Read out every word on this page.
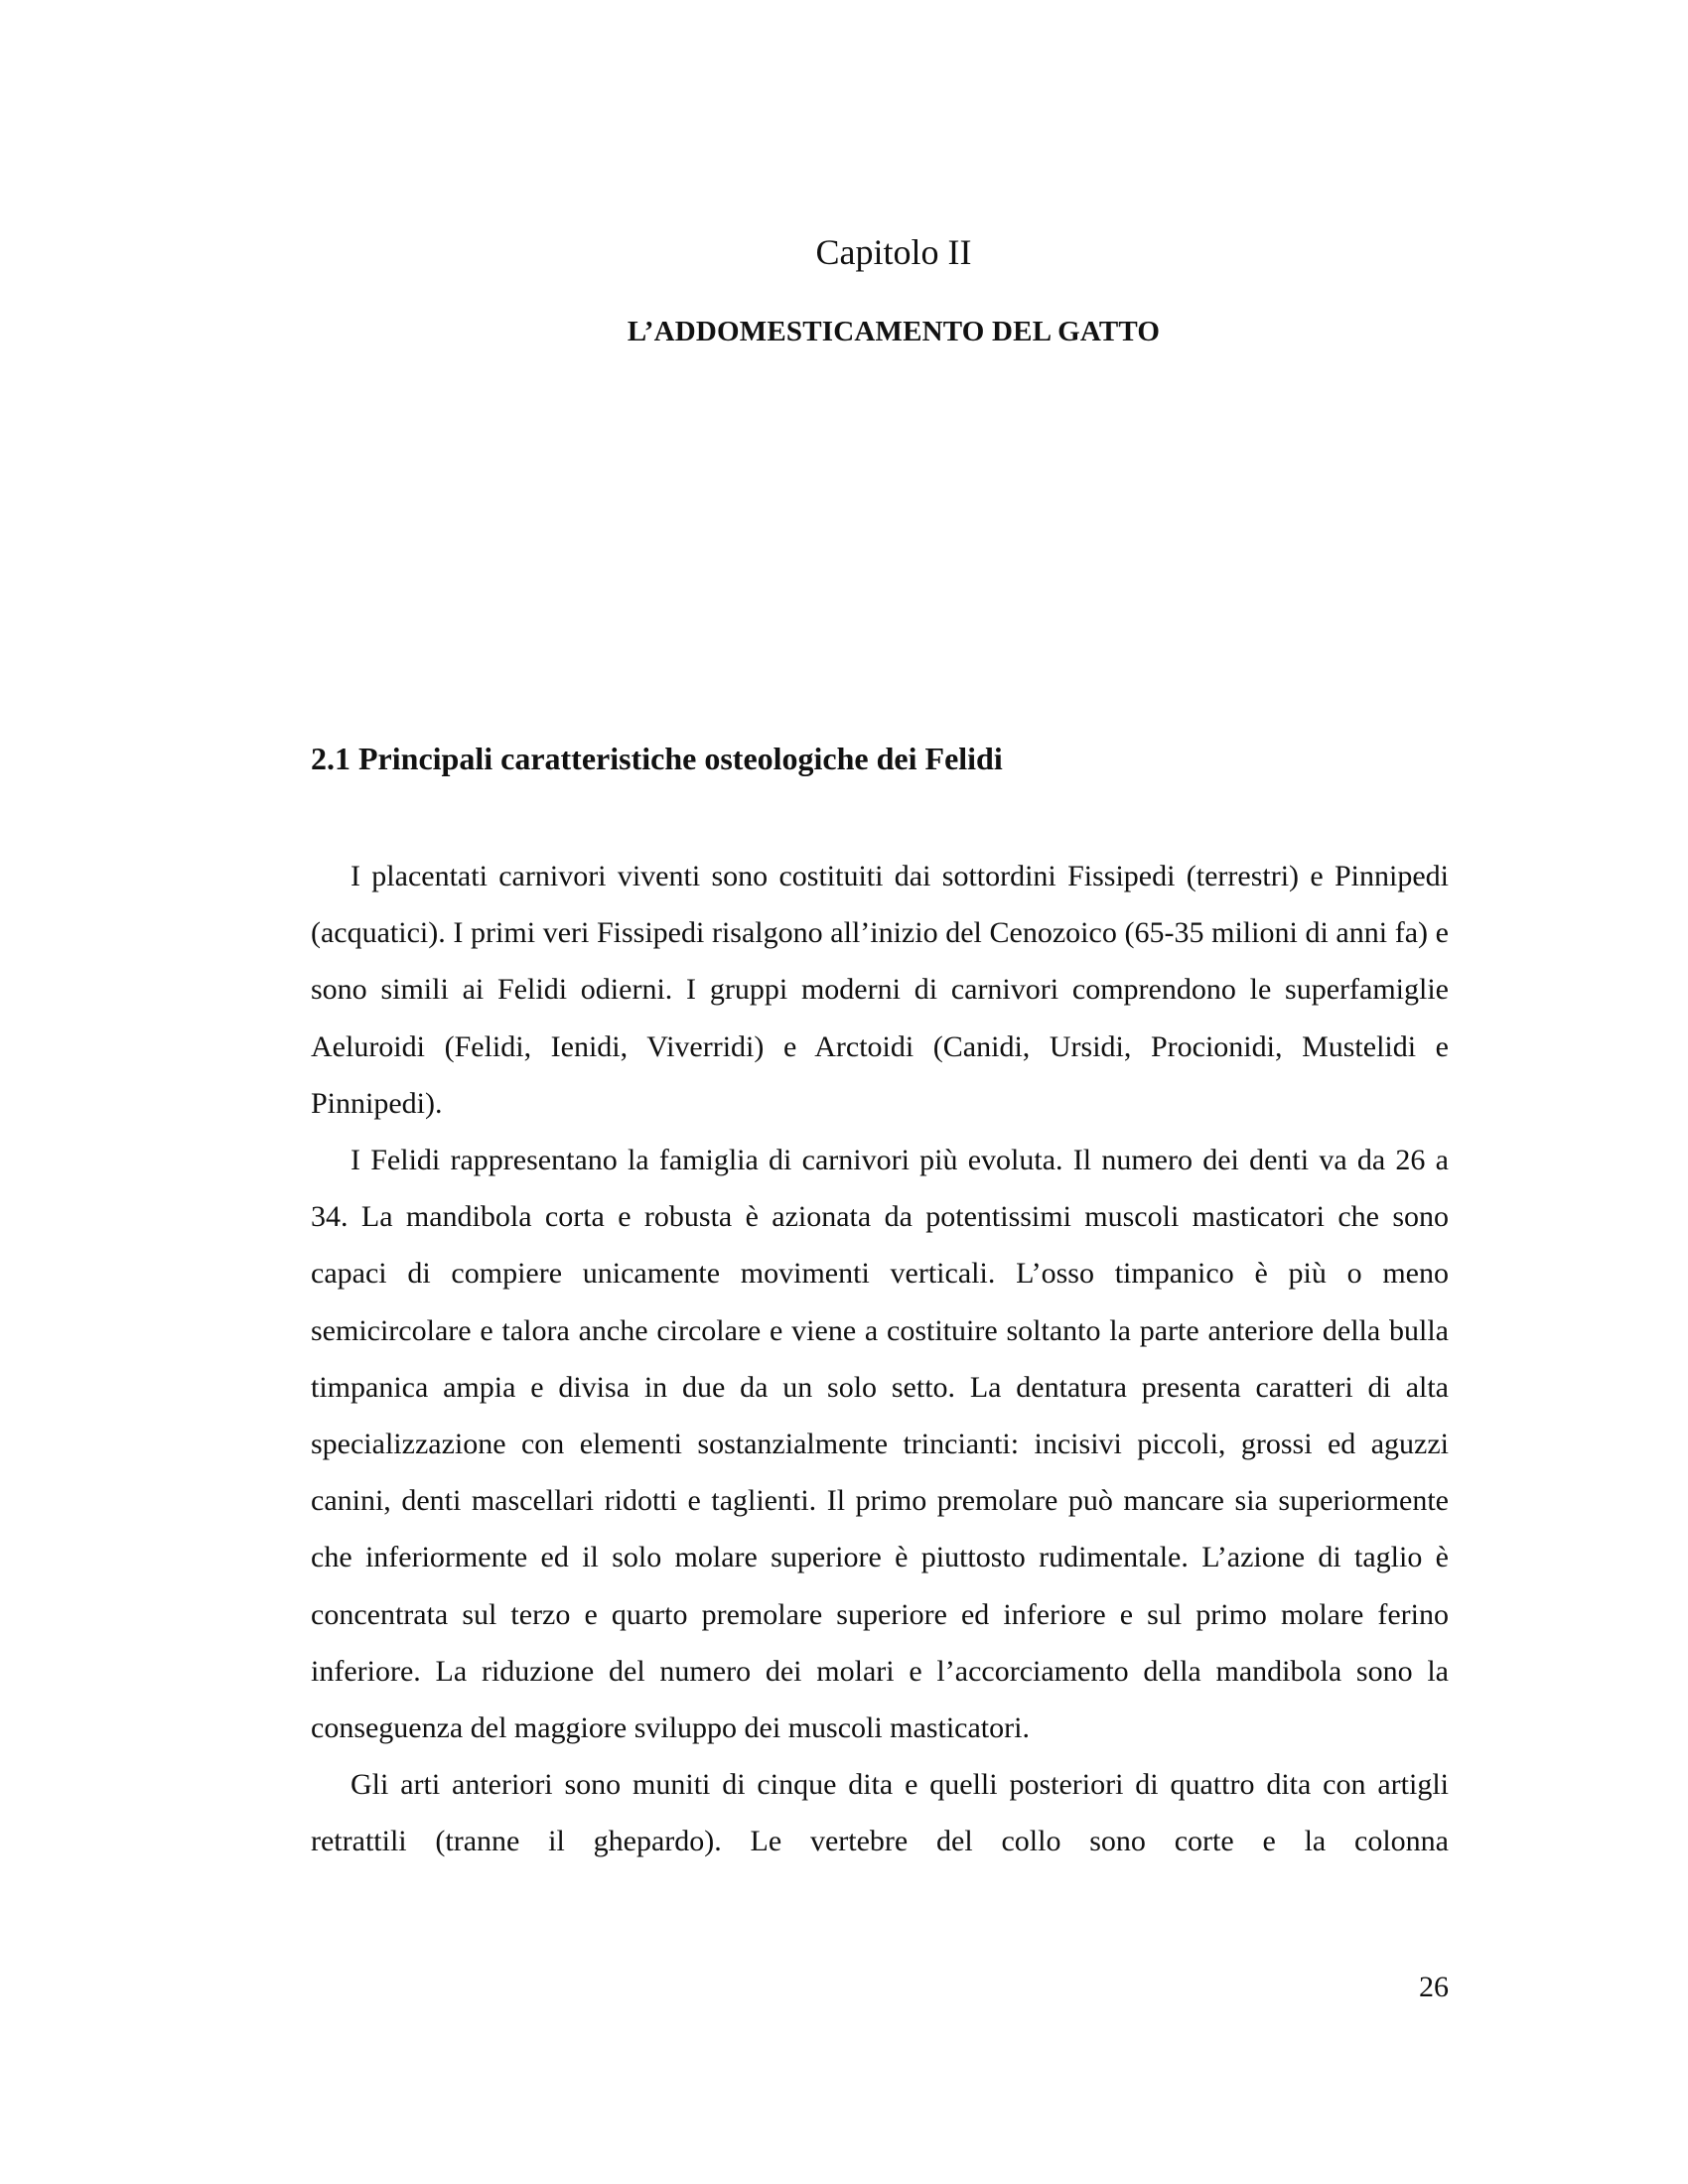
Capitolo II
L’ADDOMESTICAMENTO DEL GATTO
2.1 Principali caratteristiche osteologiche dei Felidi

I placentati carnivori viventi sono costituiti dai sottordini Fissipedi (terrestri) e Pinnipedi (acquatici). I primi veri Fissipedi risalgono all’inizio del Cenozoico (65-35 milioni di anni fa) e sono simili ai Felidi odierni. I gruppi moderni di carnivori comprendono le superfamiglie Aeluroidi (Felidi, Ienidi, Viverridi) e Arctoidi (Canidi, Ursidi, Procionidi, Mustelidi e Pinnipedi).

I Felidi rappresentano la famiglia di carnivori più evoluta. Il numero dei denti va da 26 a 34. La mandibola corta e robusta è azionata da potentissimi muscoli masticatori che sono capaci di compiere unicamente movimenti verticali. L’osso timpanico è più o meno semicircolare e talora anche circolare e viene a costituire soltanto la parte anteriore della bulla timpanica ampia e divisa in due da un solo setto. La dentatura presenta caratteri di alta specializzazione con elementi sostanzialmente trincianti: incisivi piccoli, grossi ed aguzzi canini, denti mascellari ridotti e taglienti. Il primo premolare può mancare sia superiormente che inferiormente ed il solo molare superiore è piuttosto rudimentale. L’azione di taglio è concentrata sul terzo e quarto premolare superiore ed inferiore e sul primo molare ferino inferiore. La riduzione del numero dei molari e l’accorciamento della mandibola sono la conseguenza del maggiore sviluppo dei muscoli masticatori.

Gli arti anteriori sono muniti di cinque dita e quelli posteriori di quattro dita con artigli retrattili (tranne il ghepardo). Le vertebre del collo sono corte e la colonna

26
